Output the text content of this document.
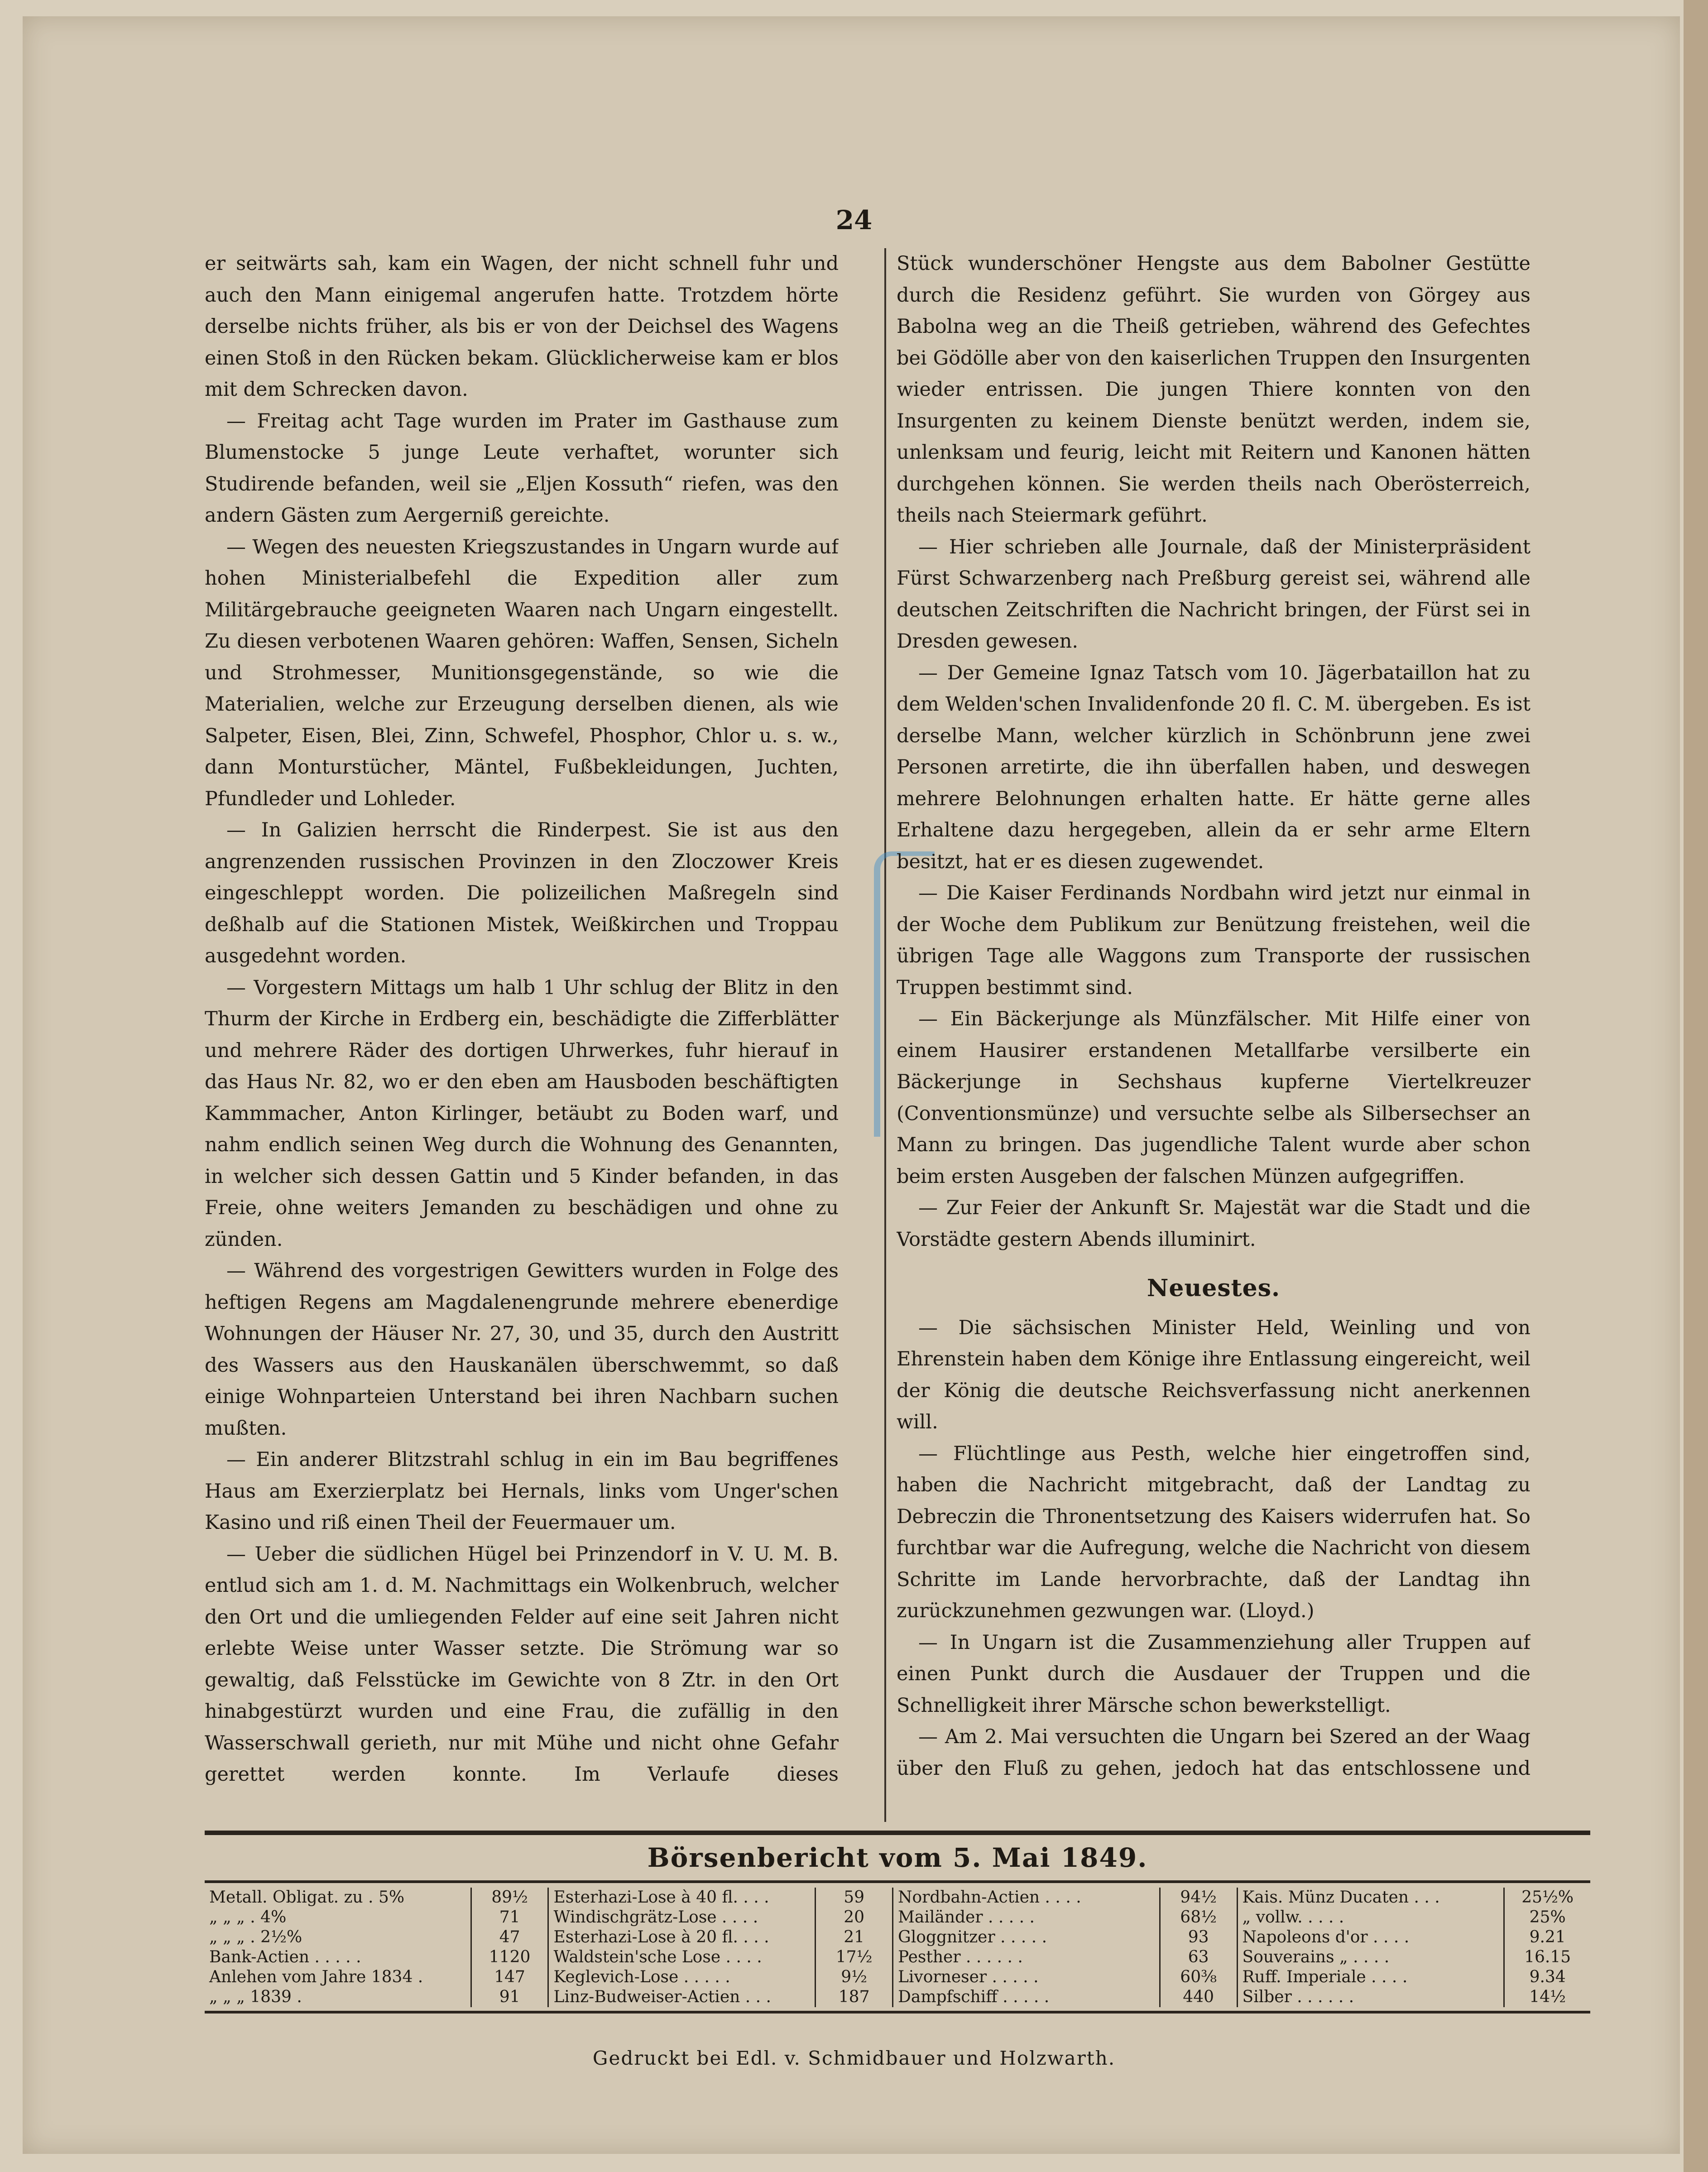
24

er seitwärts sah, kam ein Wagen, der nicht schnell fuhr und auch den Mann einigemal angerufen hatte. Trotzdem hörte derselbe nichts früher, als bis er von der Deichsel des Wagens einen Stoß in den Rücken bekam. Glücklicherweise kam er blos mit dem Schrecken davon.

— Freitag acht Tage wurden im Prater im Gasthause zum Blumenstocke 5 junge Leute verhaftet, worunter sich Studirende befanden, weil sie „Eljen Kossuth“ riefen, was den andern Gästen zum Aergerniß gereichte.

— Wegen des neuesten Kriegszustandes in Ungarn wurde auf hohen Ministerialbefehl die Expedition aller zum Militärgebrauche geeigneten Waaren nach Ungarn eingestellt. Zu diesen verbotenen Waaren gehören: Waffen, Sensen, Sicheln und Strohmesser, Munitionsgegenstände, so wie die Materialien, welche zur Erzeugung derselben dienen, als wie Salpeter, Eisen, Blei, Zinn, Schwefel, Phosphor, Chlor u. s. w., dann Monturstücher, Mäntel, Fußbekleidungen, Juchten, Pfundleder und Lohleder.

— In Galizien herrscht die Rinderpest. Sie ist aus den angrenzenden russischen Provinzen in den Zloczower Kreis eingeschleppt worden. Die polizeilichen Maßregeln sind deßhalb auf die Stationen Mistek, Weißkirchen und Troppau ausgedehnt worden.

— Vorgestern Mittags um halb 1 Uhr schlug der Blitz in den Thurm der Kirche in Erdberg ein, beschädigte die Zifferblätter und mehrere Räder des dortigen Uhrwerkes, fuhr hierauf in das Haus Nr. 82, wo er den eben am Hausboden beschäftigten Kammmacher, Anton Kirlinger, betäubt zu Boden warf, und nahm endlich seinen Weg durch die Wohnung des Genannten, in welcher sich dessen Gattin und 5 Kinder befanden, in das Freie, ohne weiters Jemanden zu beschädigen und ohne zu zünden.

— Während des vorgestrigen Gewitters wurden in Folge des heftigen Regens am Magdalenengrunde mehrere ebenerdige Wohnungen der Häuser Nr. 27, 30, und 35, durch den Austritt des Wassers aus den Hauskanälen überschwemmt, so daß einige Wohnparteien Unterstand bei ihren Nachbarn suchen mußten.

— Ein anderer Blitzstrahl schlug in ein im Bau begriffenes Haus am Exerzierplatz bei Hernals, links vom Unger'schen Kasino und riß einen Theil der Feuermauer um.

— Ueber die südlichen Hügel bei Prinzendorf in V. U. M. B. entlud sich am 1. d. M. Nachmittags ein Wolkenbruch, welcher den Ort und die umliegenden Felder auf eine seit Jahren nicht erlebte Weise unter Wasser setzte. Die Strömung war so gewaltig, daß Felsstücke im Gewichte von 8 Ztr. in den Ort hinabgestürzt wurden und eine Frau, die zufällig in den Wasserschwall gerieth, nur mit Mühe und nicht ohne Gefahr gerettet werden konnte. Im Verlaufe dieses

Stück wunderschöner Hengste aus dem Babolner Gestütte durch die Residenz geführt. Sie wurden von Görgey aus Babolna weg an die Theiß getrieben, während des Gefechtes bei Gödölle aber von den kaiserlichen Truppen den Insurgenten wieder entrissen. Die jungen Thiere konnten von den Insurgenten zu keinem Dienste benützt werden, indem sie, unlenksam und feurig, leicht mit Reitern und Kanonen hätten durchgehen können. Sie werden theils nach Oberösterreich, theils nach Steiermark geführt.

— Hier schrieben alle Journale, daß der Ministerpräsident Fürst Schwarzenberg nach Preßburg gereist sei, während alle deutschen Zeitschriften die Nachricht bringen, der Fürst sei in Dresden gewesen.

— Der Gemeine Ignaz Tatsch vom 10. Jägerbataillon hat zu dem Welden'schen Invalidenfonde 20 fl. C. M. übergeben. Es ist derselbe Mann, welcher kürzlich in Schönbrunn jene zwei Personen arretirte, die ihn überfallen haben, und deswegen mehrere Belohnungen erhalten hatte. Er hätte gerne alles Erhaltene dazu hergegeben, allein da er sehr arme Eltern besitzt, hat er es diesen zugewendet.

— Die Kaiser Ferdinands Nordbahn wird jetzt nur einmal in der Woche dem Publikum zur Benützung freistehen, weil die übrigen Tage alle Waggons zum Transporte der russischen Truppen bestimmt sind.

— Ein Bäckerjunge als Münzfälscher. Mit Hilfe einer von einem Hausirer erstandenen Metallfarbe versilberte ein Bäckerjunge in Sechshaus kupferne Viertelkreuzer (Conventionsmünze) und versuchte selbe als Silbersechser an Mann zu bringen. Das jugendliche Talent wurde aber schon beim ersten Ausgeben der falschen Münzen aufgegriffen.

— Zur Feier der Ankunft Sr. Majestät war die Stadt und die Vorstädte gestern Abends illuminirt.

Neuestes.

— Die sächsischen Minister Held, Weinling und von Ehrenstein haben dem Könige ihre Entlassung eingereicht, weil der König die deutsche Reichsverfassung nicht anerkennen will.

— Flüchtlinge aus Pesth, welche hier eingetroffen sind, haben die Nachricht mitgebracht, daß der Landtag zu Debreczin die Thronentsetzung des Kaisers widerrufen hat. So furchtbar war die Aufregung, welche die Nachricht von diesem Schritte im Lande hervorbrachte, daß der Landtag ihn zurückzunehmen gezwungen war. (Lloyd.)

— In Ungarn ist die Zusammenziehung aller Truppen auf einen Punkt durch die Ausdauer der Truppen und die Schnelligkeit ihrer Märsche schon bewerkstelligt.

— Am 2. Mai versuchten die Ungarn bei Szered an der Waag über den Fluß zu gehen, jedoch hat das entschlossene und

Börsenbericht vom 5. Mai 1849.
Metall. Obligat. zu . 5%	89½	Esterhazi-Lose à 40 fl. . . .	59	Nordbahn-Actien . . . .	94½	Kais. Münz Ducaten . . .	25½%
„ „ „ . 4%	71	Windischgrätz-Lose . . . .	20	Mailänder . . . . .	68½	„ vollw. . . . .	25%
„ „ „ . 2½%	47	Esterhazi-Lose à 20 fl. . . .	21	Gloggnitzer . . . . .	93	Napoleons d'or . . . .	9.21
Bank-Actien . . . . .	1120	Waldstein'sche Lose . . . .	17½	Pesther . . . . . .	63	Souverains „ . . . .	16.15
Anlehen vom Jahre 1834 .	147	Keglevich-Lose . . . . .	9½	Livorneser . . . . .	60⅜	Ruff. Imperiale . . . .	9.34
„ „ „ 1839 .	91	Linz-Budweiser-Actien . . .	187	Dampfschiff . . . . .	440	Silber . . . . . .	14½
Gedruckt bei Edl. v. Schmidbauer und Holzwarth.
